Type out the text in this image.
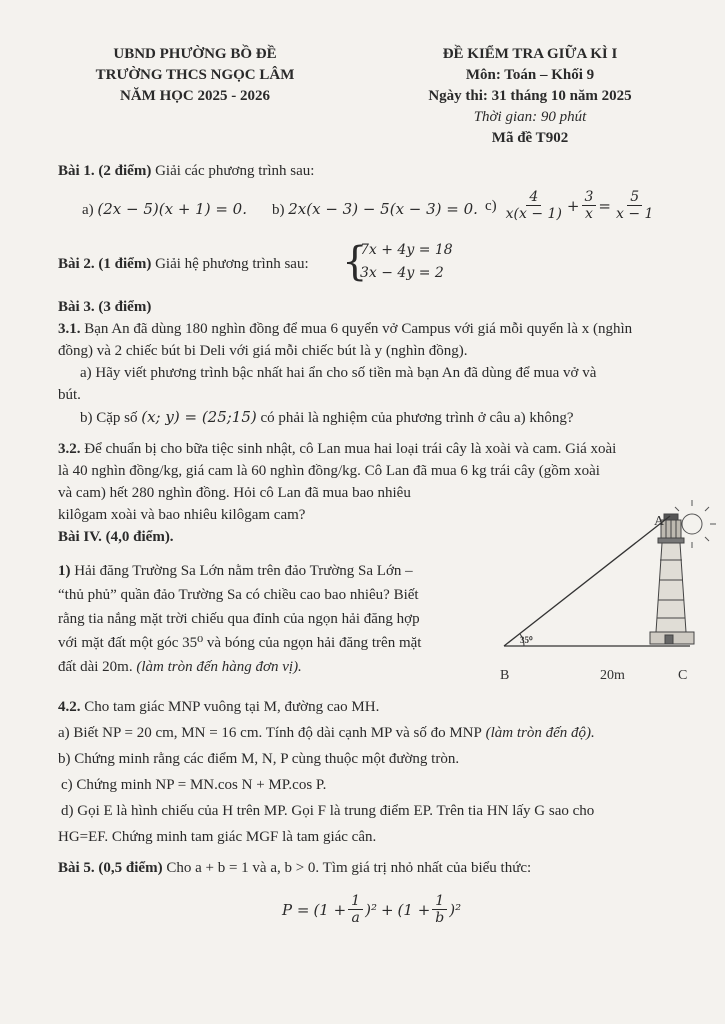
UBND PHƯỜNG BỒ ĐỀ
TRƯỜNG THCS NGỌC LÂM
NĂM HỌC 2025 - 2026
ĐỀ KIỂM TRA GIỮA KÌ I
Môn: Toán – Khối 9
Ngày thi: 31 tháng 10 năm 2025
Thời gian: 90 phút
Mã đề T902
Bài 1. (2 điểm) Giải các phương trình sau:
a) (2x − 5)(x + 1) = 0. b) 2x(x − 3) − 5(x − 3) = 0. $c) \frac{4}{x(x - 1)} + \frac{3}{x} = \frac{5}{x - 1}$
Bài 2. (1 điểm) Giải hệ phương trình sau: {
7x + 4y = 18
3x − 4y = 2
Bài 3. (3 điểm)
3.1. Bạn An đã dùng 180 nghìn đồng để mua 6 quyển vở Campus với giá mỗi quyển là x (nghìn
đồng) và 2 chiếc bút bi Deli với giá mỗi chiếc bút là y (nghìn đồng).
a) Hãy viết phương trình bậc nhất hai ẩn cho số tiền mà bạn An đã dùng để mua vở và
bút.
b) Cặp số (x; y) = (25;15) có phải là nghiệm của phương trình ở câu a) không?
3.2. Để chuẩn bị cho bữa tiệc sinh nhật, cô Lan mua hai loại trái cây là xoài và cam. Giá xoài
là 40 nghìn đồng/kg, giá cam là 60 nghìn đồng/kg. Cô Lan đã mua 6 kg trái cây (gồm xoài
và cam) hết 280 nghìn đồng. Hỏi cô Lan đã mua bao nhiêu
kilôgam xoài và bao nhiêu kilôgam cam?
Bài IV. (4,0 điểm).
1) Hải đăng Trường Sa Lớn nằm trên đảo Trường Sa Lớn –
“thủ phủ” quần đảo Trường Sa có chiều cao bao nhiêu? Biết
rằng tia nắng mặt trời chiếu qua đỉnh của ngọn hải đăng hợp
với mặt đất một góc 35⁰ và bóng của ngọn hải đăng trên mặt
đất dài 20m. (làm tròn đến hàng đơn vị).
35⁰
A
B	C
20m
4.2. Cho tam giác MNP vuông tại M, đường cao MH.
a) Biết NP = 20 cm, MN = 16 cm. Tính độ dài cạnh MP và số đo MNP (làm tròn đến độ).
b) Chứng minh rằng các điểm M, N, P cùng thuộc một đường tròn.
c) Chứng minh NP = MN.cos N + MP.cos P.
d) Gọi E là hình chiếu của H trên MP. Gọi F là trung điểm EP. Trên tia HN lấy G sao cho
HG=EF. Chứng minh tam giác MGF là tam giác cân.
Bài 5. (0,5 điểm) Cho a + b = 1 và a, b > 0. Tìm giá trị nhỏ nhất của biểu thức:
$P = (1 + \frac{1}{a} )^2 + (1 + \frac{1}{b} )^2$
